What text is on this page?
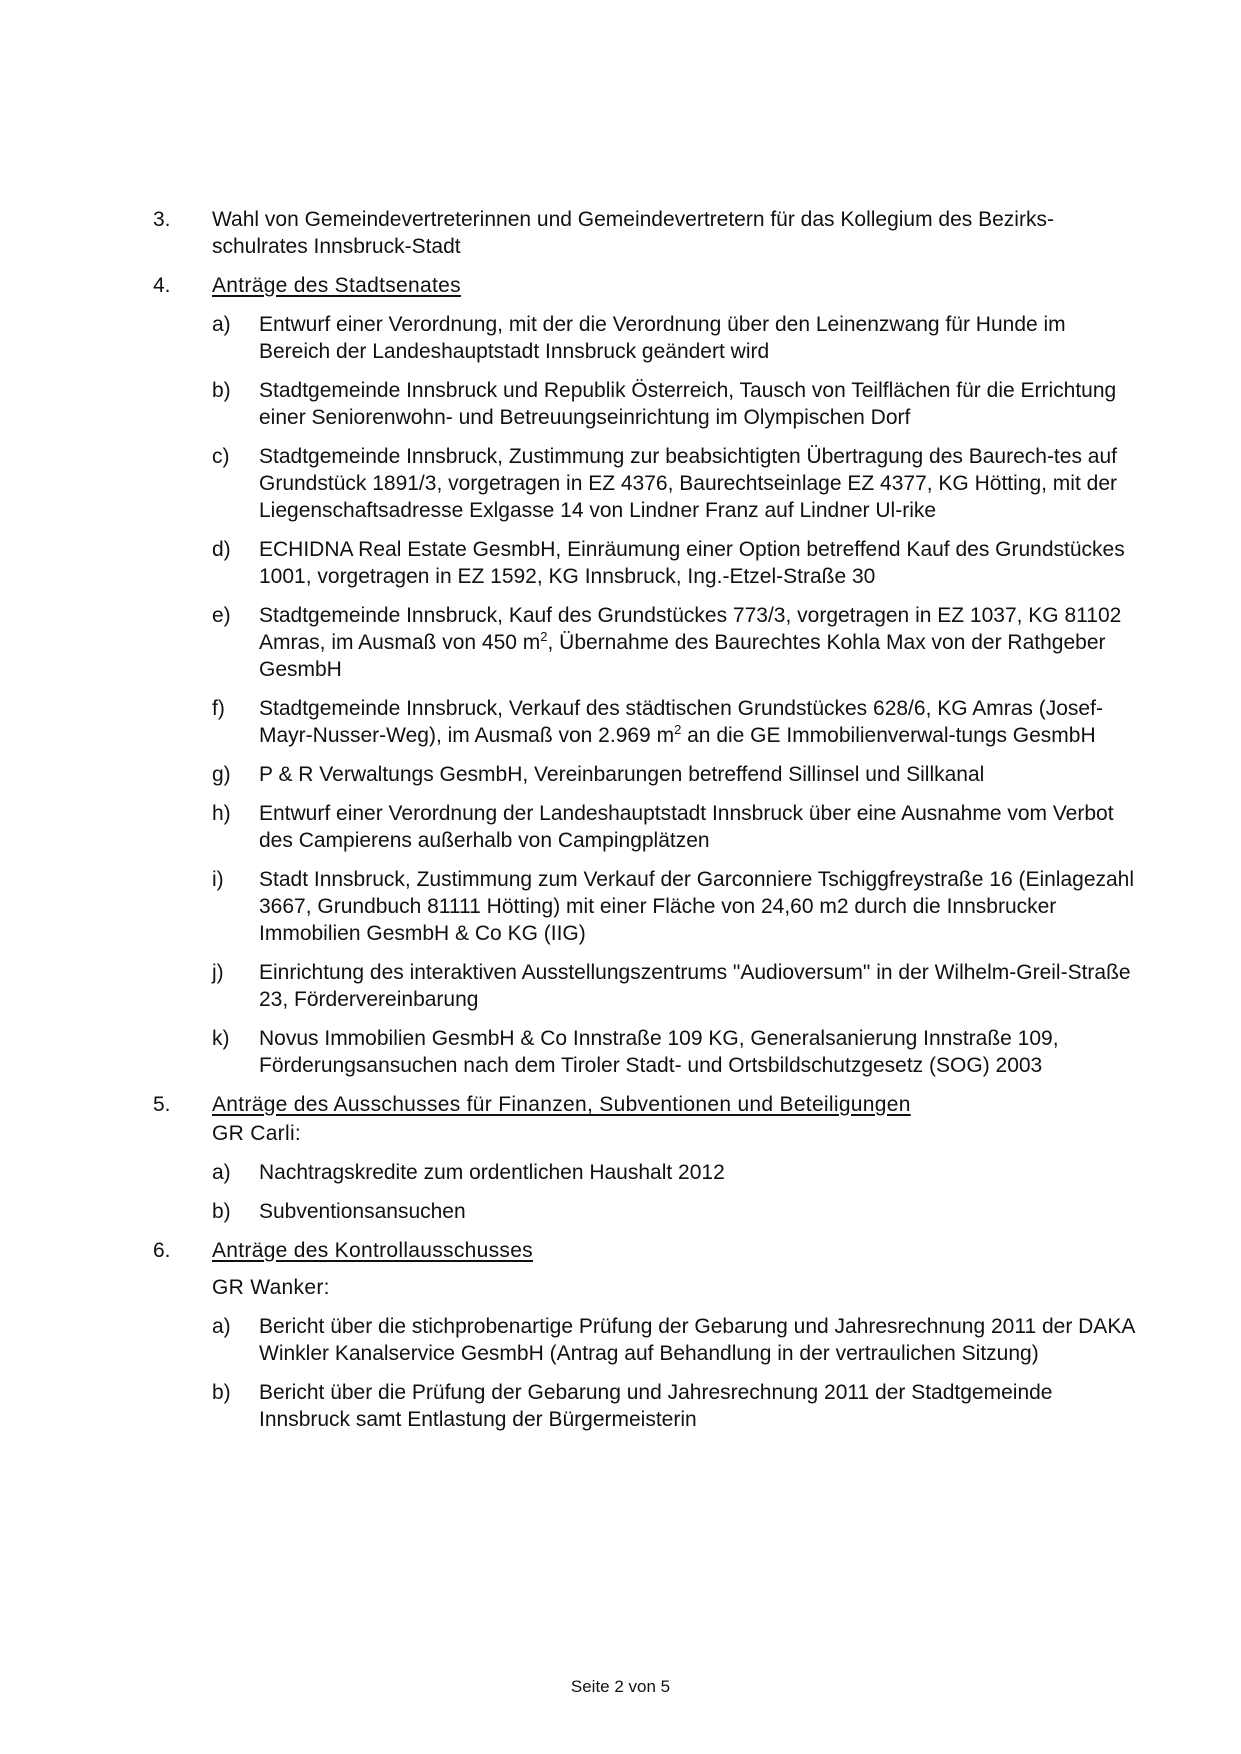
3.	Wahl von Gemeindevertreterinnen und Gemeindevertretern für das Kollegium des Bezirks-schulrates Innsbruck-Stadt
4.	Anträge des Stadtsenates
a)	Entwurf einer Verordnung, mit der die Verordnung über den Leinenzwang für Hunde im Bereich der Landeshauptstadt Innsbruck geändert wird
b)	Stadtgemeinde Innsbruck und Republik Österreich, Tausch von Teilflächen für die Errichtung einer Seniorenwohn- und Betreuungseinrichtung im Olympischen Dorf
c)	Stadtgemeinde Innsbruck, Zustimmung zur beabsichtigten Übertragung des Baurech-tes auf Grundstück 1891/3, vorgetragen in EZ 4376, Baurechtseinlage EZ 4377, KG Hötting, mit der Liegenschaftsadresse Exlgasse 14 von Lindner Franz auf Lindner Ul-rike
d)	ECHIDNA Real Estate GesmbH, Einräumung einer Option betreffend Kauf des Grundstückes 1001, vorgetragen in EZ 1592, KG Innsbruck, Ing.-Etzel-Straße 30
e)	Stadtgemeinde Innsbruck, Kauf des Grundstückes 773/3, vorgetragen in EZ 1037, KG 81102 Amras, im Ausmaß von 450 $m^2$, Übernahme des Baurechtes Kohla Max von der Rathgeber GesmbH
f)	Stadtgemeinde Innsbruck, Verkauf des städtischen Grundstückes 628/6, KG Amras (Josef-Mayr-Nusser-Weg), im Ausmaß von 2.969 $m^2$ an die GE Immobilienverwal-tungs GesmbH
g)	P & R Verwaltungs GesmbH, Vereinbarungen betreffend Sillinsel und Sillkanal
h)	Entwurf einer Verordnung der Landeshauptstadt Innsbruck über eine Ausnahme vom Verbot des Campierens außerhalb von Campingplätzen
i)	Stadt Innsbruck, Zustimmung zum Verkauf der Garconniere Tschiggfreystraße 16 (Einlagezahl 3667, Grundbuch 81111 Hötting) mit einer Fläche von 24,60 m2 durch die Innsbrucker Immobilien GesmbH & Co KG (IIG)
j)	Einrichtung des interaktiven Ausstellungszentrums "Audioversum" in der Wilhelm-Greil-Straße 23, Fördervereinbarung
k)	Novus Immobilien GesmbH & Co Innstraße 109 KG, Generalsanierung Innstraße 109, Förderungsansuchen nach dem Tiroler Stadt- und Ortsbildschutzgesetz (SOG) 2003
5.	Anträge des Ausschusses für Finanzen, Subventionen und Beteiligungen
GR Carli:
a)	Nachtragskredite zum ordentlichen Haushalt 2012
b)	Subventionsansuchen
6.	Anträge des Kontrollausschusses
GR Wanker:
a)	Bericht über die stichprobenartige Prüfung der Gebarung und Jahresrechnung 2011 der DAKA Winkler Kanalservice GesmbH (Antrag auf Behandlung in der vertraulichen Sitzung)
b)	Bericht über die Prüfung der Gebarung und Jahresrechnung 2011 der Stadtgemeinde Innsbruck samt Entlastung der Bürgermeisterin
Seite 2 von 5
